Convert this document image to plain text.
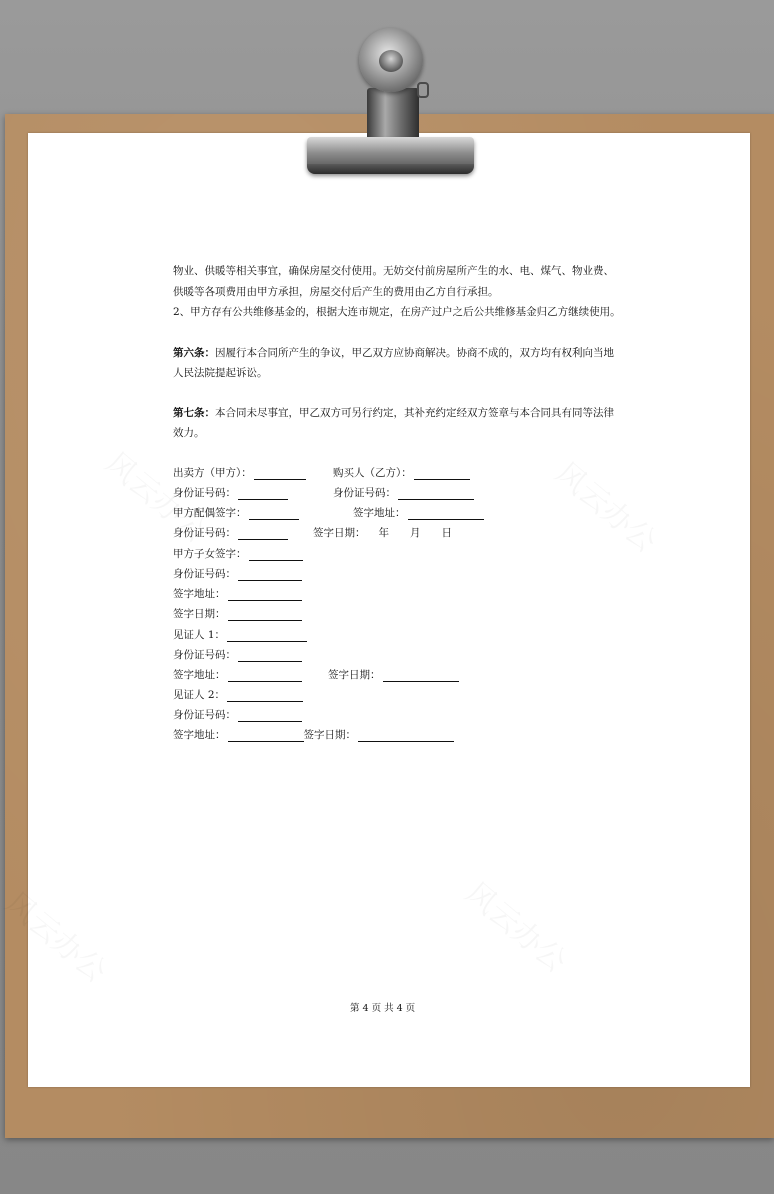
物业、供暖等相关事宜，确保房屋交付使用。无妨交付前房屋所产生的水、电、煤气、物业费、
供暖等各项费用由甲方承担，房屋交付后产生的费用由乙方自行承担。
2、甲方存有公共维修基金的，根据大连市规定，在房产过户之后公共维修基金归乙方继续使用。
第六条：因履行本合同所产生的争议，甲乙双方应协商解决。协商不成的，双方均有权利向当地
人民法院提起诉讼。
第七条：本合同未尽事宜，甲乙双方可另行约定，其补充约定经双方签章与本合同具有同等法律
效力。
出卖方（甲方）：	购买人（乙方）：
身份证号码：	身份证号码：
甲方配偶签字：	签字地址：
身份证号码：	签字日期： 年 月 日
甲方子女签字：
身份证号码：
签字地址：
签字日期：
见证人 1：
身份证号码：
签字地址：	签字日期：
见证人 2：
身份证号码：
签字地址：	签字日期：
第 4 页 共 4 页
